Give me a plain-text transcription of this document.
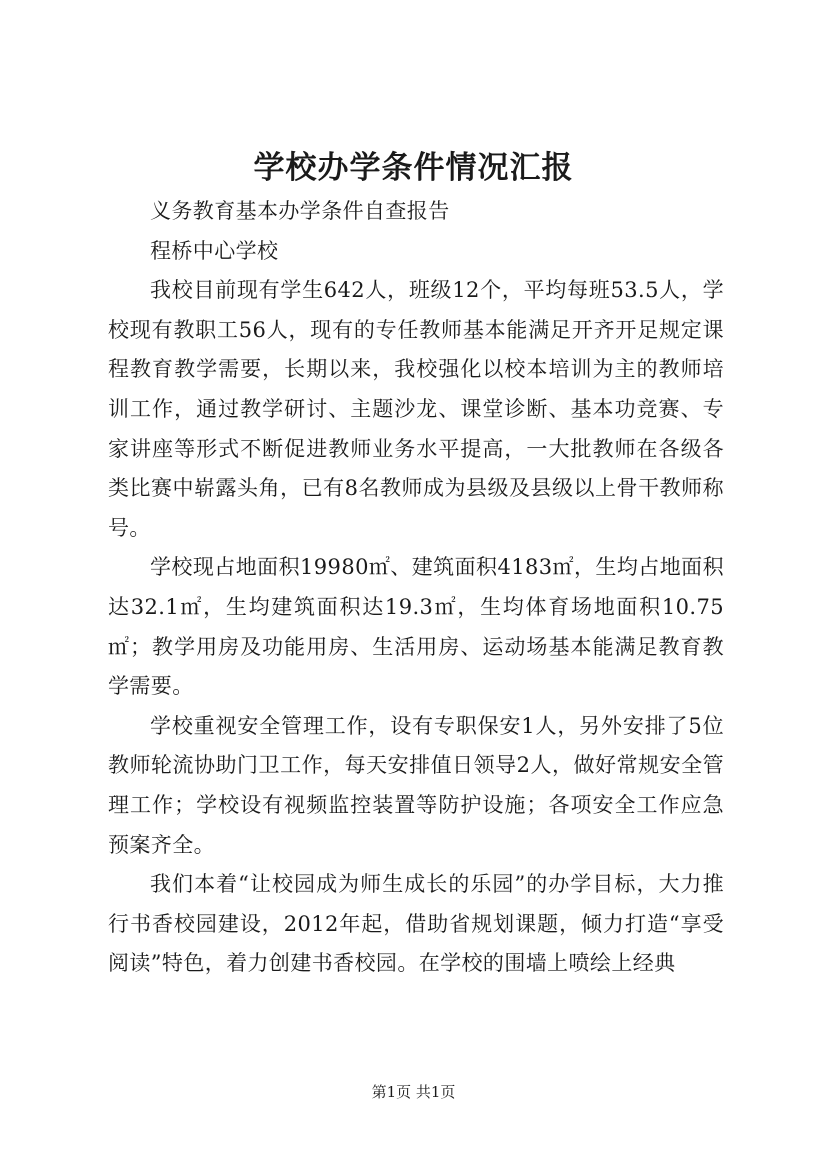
学校办学条件情况汇报

义务教育基本办学条件自查报告

程桥中心学校

我校目前现有学生642人，班级12个，平均每班53.5人，学校现有教职工56人，现有的专任教师基本能满足开齐开足规定课程教育教学需要，长期以来，我校强化以校本培训为主的教师培训工作，通过教学研讨、主题沙龙、课堂诊断、基本功竞赛、专家讲座等形式不断促进教师业务水平提高，一大批教师在各级各类比赛中崭露头角，已有8名教师成为县级及县级以上骨干教师称号。

学校现占地面积19980㎡、建筑面积4183㎡，生均占地面积达32.1㎡，生均建筑面积达19.3㎡，生均体育场地面积10.75㎡；教学用房及功能用房、生活用房、运动场基本能满足教育教学需要。

学校重视安全管理工作，设有专职保安1人，另外安排了5位教师轮流协助门卫工作，每天安排值日领导2人，做好常规安全管理工作；学校设有视频监控装置等防护设施；各项安全工作应急预案齐全。

我们本着“让校园成为师生成长的乐园”的办学目标，大力推行书香校园建设，2012年起，借助省规划课题，倾力打造“享受阅读”特色，着力创建书香校园。在学校的围墙上喷绘上经典

第1页 共1页
